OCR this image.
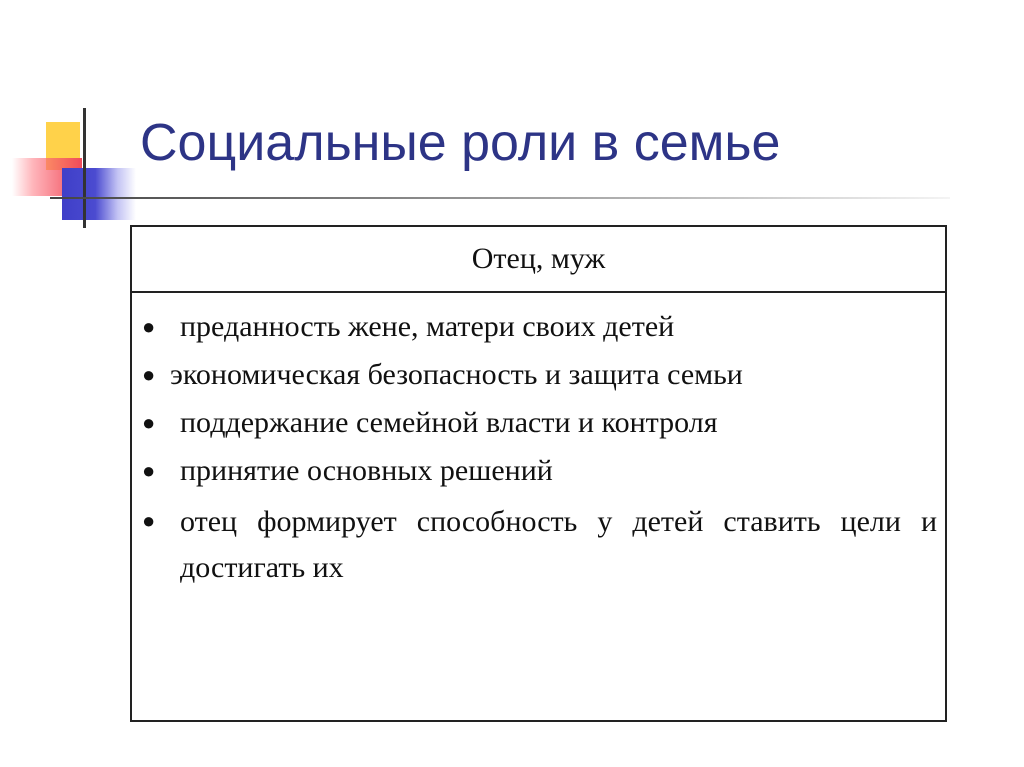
Социальные роли в семье
Отец, муж
● преданность жене, матери своих детей
● экономическая безопасность и защита семьи
● поддержание семейной власти и контроля
● принятие основных решений
● отец формирует способность у детей ставить цели и достигать их
